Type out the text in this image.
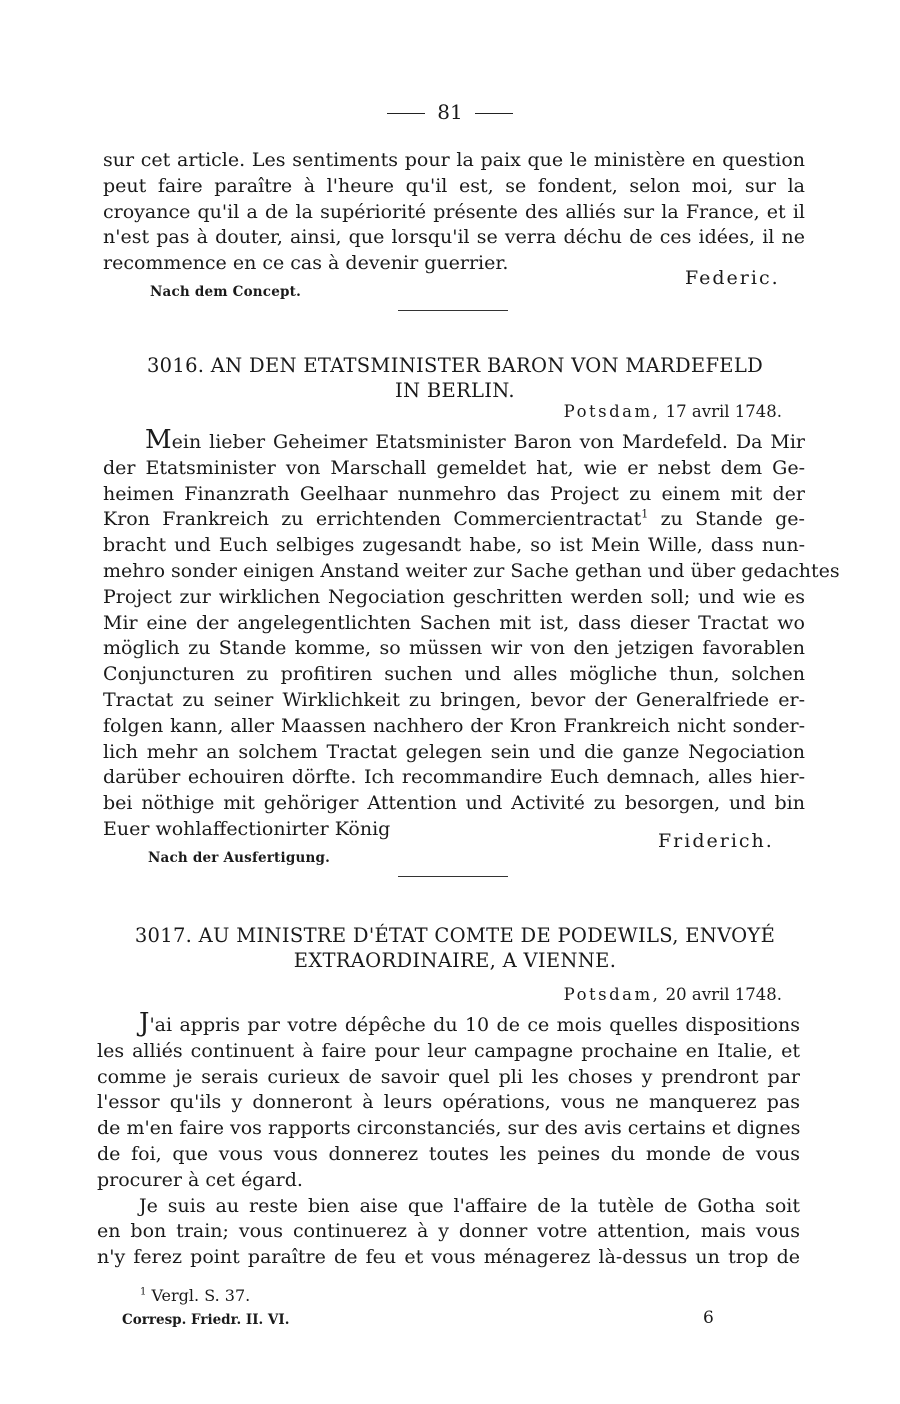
81

sur cet article. Les sentiments pour la paix que le ministère en question
peut faire paraître à l'heure qu'il est, se fondent, selon moi, sur la
croyance qu'il a de la supériorité présente des alliés sur la France, et il
n'est pas à douter, ainsi, que lorsqu'il se verra déchu de ces idées, il ne
recommence en ce cas à devenir guerrier.

Federic.
Nach dem Concept.
3016. AN DEN ETATSMINISTER BARON VON MARDEFELD
IN BERLIN.
Potsdam, 17 avril 1748.

Mein lieber Geheimer Etatsminister Baron von Mardefeld. Da Mir
der Etatsminister von Marschall gemeldet hat, wie er nebst dem Ge-
heimen Finanzrath Geelhaar nunmehro das Project zu einem mit der
Kron Frankreich zu errichtenden Commercientractat$^1$ zu Stande ge-
bracht und Euch selbiges zugesandt habe, so ist Mein Wille, dass nun-
mehro sonder einigen Anstand weiter zur Sache gethan und über gedachtes
Project zur wirklichen Negociation geschritten werden soll; und wie es
Mir eine der angelegentlichten Sachen mit ist, dass dieser Tractat wo
möglich zu Stande komme, so müssen wir von den jetzigen favorablen
Conjuncturen zu profitiren suchen und alles mögliche thun, solchen
Tractat zu seiner Wirklichkeit zu bringen, bevor der Generalfriede er-
folgen kann, aller Maassen nachhero der Kron Frankreich nicht sonder-
lich mehr an solchem Tractat gelegen sein und die ganze Negociation
darüber echouiren dörfte. Ich recommandire Euch demnach, alles hier-
bei nöthige mit gehöriger Attention und Activité zu besorgen, und bin
Euer wohlaffectionirter König

Friderich.
Nach der Ausfertigung.
3017. AU MINISTRE D'ÉTAT COMTE DE PODEWILS, ENVOYÉ
EXTRAORDINAIRE, A VIENNE.
Potsdam, 20 avril 1748.

J'ai appris par votre dépêche du 10 de ce mois quelles dispositions
les alliés continuent à faire pour leur campagne prochaine en Italie, et
comme je serais curieux de savoir quel pli les choses y prendront par
l'essor qu'ils y donneront à leurs opérations, vous ne manquerez pas
de m'en faire vos rapports circonstanciés, sur des avis certains et dignes
de foi, que vous vous donnerez toutes les peines du monde de vous
procurer à cet égard.

Je suis au reste bien aise que l'affaire de la tutèle de Gotha soit
en bon train; vous continuerez à y donner votre attention, mais vous
n'y ferez point paraître de feu et vous ménagerez là-dessus un trop de

$^1$ Vergl. S. 37.
Corresp. Friedr. II. VI.	6
